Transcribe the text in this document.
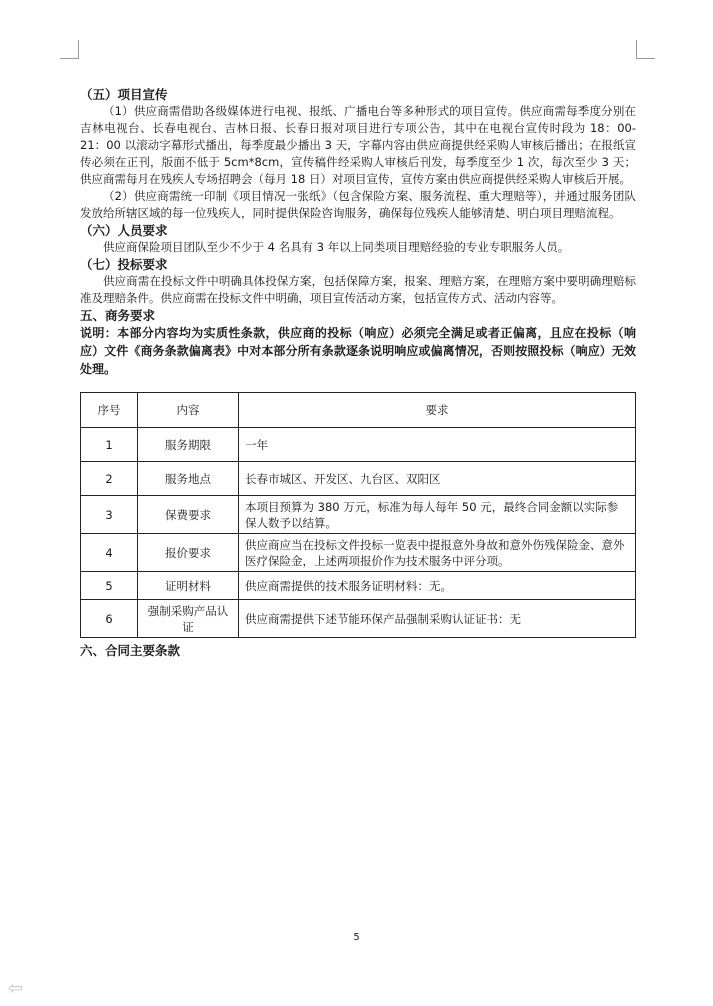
（五）项目宣传
（1）供应商需借助各级媒体进行电视、报纸、广播电台等多种形式的项目宣传。供应商需每季度分别在吉林电视台、长春电视台、吉林日报、长春日报对项目进行专项公告，其中在电视台宣传时段为 18：00-21：00 以滚动字幕形式播出，每季度最少播出 3 天，字幕内容由供应商提供经采购人审核后播出；在报纸宣传必须在正刊，版面不低于 5cm*8cm，宣传稿件经采购人审核后刊发，每季度至少 1 次，每次至少 3 天；供应商需每月在残疾人专场招聘会（每月 18 日）对项目宣传，宣传方案由供应商提供经采购人审核后开展。
（2）供应商需统一印制《项目情况一张纸》（包含保险方案、服务流程、重大理赔等），并通过服务团队发放给所辖区域的每一位残疾人，同时提供保险咨询服务，确保每位残疾人能够清楚、明白项目理赔流程。
（六）人员要求
供应商保险项目团队至少不少于 4 名具有 3 年以上同类项目理赔经验的专业专职服务人员。
（七）投标要求
供应商需在投标文件中明确具体投保方案，包括保障方案，报案、理赔方案，在理赔方案中要明确理赔标准及理赔条件。供应商需在投标文件中明确，项目宣传活动方案，包括宣传方式、活动内容等。
五、商务要求
说明：本部分内容均为实质性条款，供应商的投标（响应）必须完全满足或者正偏离，且应在投标（响应）文件《商务条款偏离表》中对本部分所有条款逐条说明响应或偏离情况，否则按照投标（响应）无效处理。
序号	内容	要求
1	服务期限	一年
2	服务地点	长春市城区、开发区、九台区、双阳区
3	保费要求	本项目预算为 380 万元，标准为每人每年 50 元，最终合同金额以实际参保人数予以结算。
4	报价要求	供应商应当在投标文件投标一览表中提报意外身故和意外伤残保险金、意外医疗保险金，上述两项报价作为技术服务中评分项。
5	证明材料	供应商需提供的技术服务证明材料：无。
6	强制采购产品认证	供应商需提供下述节能环保产品强制采购认证证书：无
六、合同主要条款
5
⇦
